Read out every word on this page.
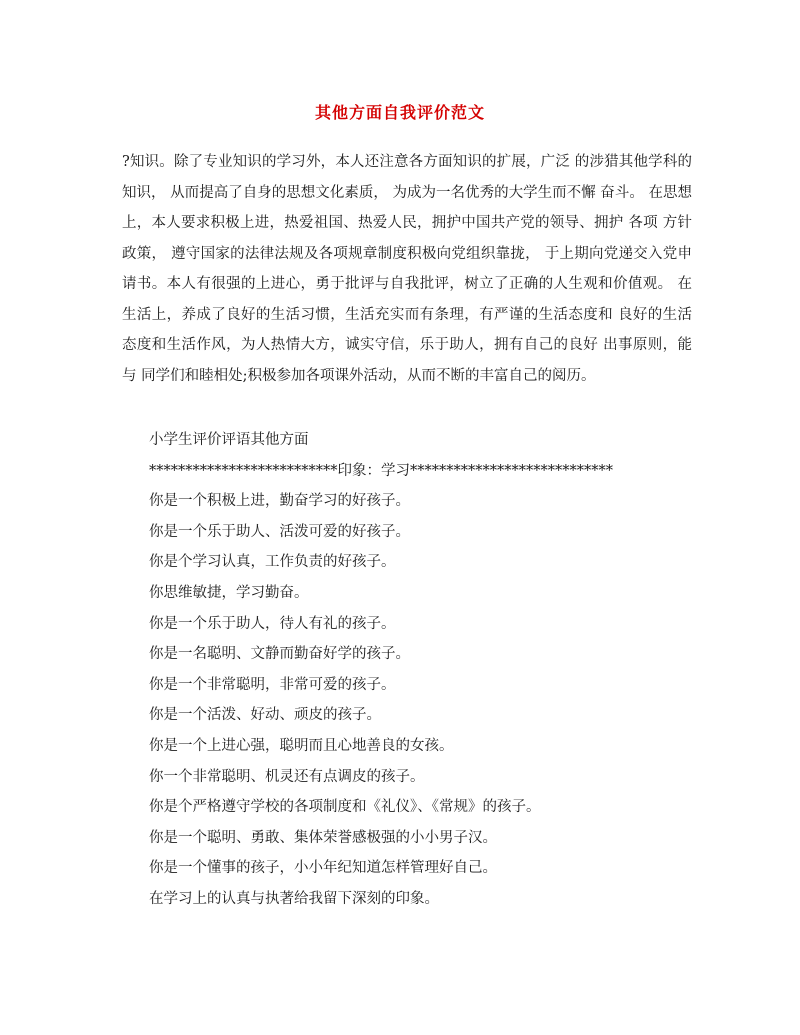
其他方面自我评价范文
?知识。除了专业知识的学习外，本人还注意各方面知识的扩展，广泛 的涉猎其他学科的知识， 从而提高了自身的思想文化素质， 为成为一名优秀的大学生而不懈 奋斗。 在思想上，本人要求积极上进，热爱祖国、热爱人民，拥护中国共产党的领导、拥护 各项 方针政策， 遵守国家的法律法规及各项规章制度积极向党组织靠拢， 于上期向党递交入党申 请书。本人有很强的上进心，勇于批评与自我批评，树立了正确的人生观和价值观。 在生活上，养成了良好的生活习惯，生活充实而有条理，有严谨的生活态度和 良好的生活 态度和生活作风，为人热情大方，诚实守信，乐于助人，拥有自己的良好 出事原则，能与 同学们和睦相处;积极参加各项课外活动，从而不断的丰富自己的阅历。
小学生评价评语其他方面
**************************印象：学习****************************
你是一个积极上进，勤奋学习的好孩子。
你是一个乐于助人、活泼可爱的好孩子。
你是个学习认真，工作负责的好孩子。
你思维敏捷，学习勤奋。
你是一个乐于助人，待人有礼的孩子。
你是一名聪明、文静而勤奋好学的孩子。
你是一个非常聪明，非常可爱的孩子。
你是一个活泼、好动、顽皮的孩子。
你是一个上进心强，聪明而且心地善良的女孩。
你一个非常聪明、机灵还有点调皮的孩子。
你是个严格遵守学校的各项制度和《礼仪》、《常规》的孩子。
你是一个聪明、勇敢、集体荣誉感极强的小小男子汉。
你是一个懂事的孩子，小小年纪知道怎样管理好自己。
在学习上的认真与执著给我留下深刻的印象。
